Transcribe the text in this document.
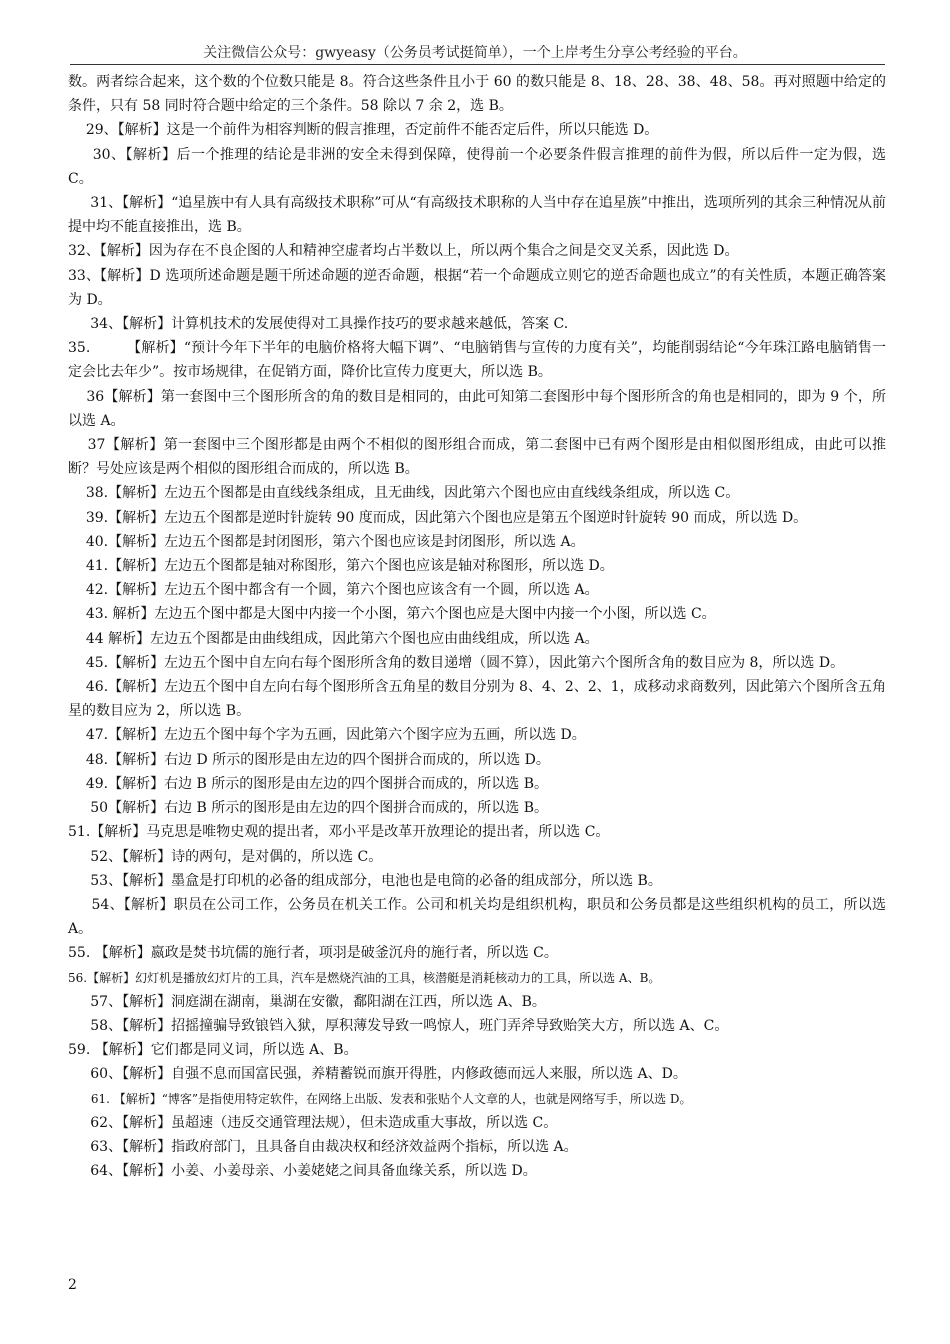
关注微信公众号：gwyeasy（公务员考试挺简单），一个上岸考生分享公考经验的平台。

数。两者综合起来，这个数的个位数只能是 8。符合这些条件且小于 60 的数只能是 8、18、28、38、48、58。再对照题中给定的条件，只有 58 同时符合题中给定的三个条件。58 除以 7 余 2，选 B。

29、【解析】这是一个前件为相容判断的假言推理，否定前件不能否定后件，所以只能选 D。

30、【解析】后一个推理的结论是非洲的安全未得到保障，使得前一个必要条件假言推理的前件为假，所以后件一定为假，选 C。

31、【解析】“追星族中有人具有高级技术职称”可从“有高级技术职称的人当中存在追星族”中推出，选项所列的其余三种情况从前提中均不能直接推出，选 B。

32、【解析】因为存在不良企图的人和精神空虚者均占半数以上，所以两个集合之间是交叉关系，因此选 D。

33、【解析】D 选项所述命题是题干所述命题的逆否命题，根据“若一个命题成立则它的逆否命题也成立”的有关性质，本题正确答案为 D。

34、【解析】计算机技术的发展使得对工具操作技巧的要求越来越低，答案 C.

35.        【解析】“预计今年下半年的电脑价格将大幅下调”、“电脑销售与宣传的力度有关”，均能削弱结论“今年珠江路电脑销售一定会比去年少”。按市场规律，在促销方面，降价比宣传力度更大，所以选 B。

36【解析】第一套图中三个图形所含的角的数目是相同的，由此可知第二套图形中每个图形所含的角也是相同的，即为 9 个，所以选 A。

37【解析】第一套图中三个图形都是由两个不相似的图形组合而成，第二套图中已有两个图形是由相似图形组成，由此可以推断？号处应该是两个相似的图形组合而成的，所以选 B。

38.【解析】左边五个图都是由直线线条组成，且无曲线，因此第六个图也应由直线线条组成，所以选 C。

39.【解析】左边五个图都是逆时针旋转 90 度而成，因此第六个图也应是第五个图逆时针旋转 90 而成，所以选 D。

40.【解析】左边五个图都是封闭图形，第六个图也应该是封闭图形，所以选 A。

41.【解析】左边五个图都是轴对称图形，第六个图也应该是轴对称图形，所以选 D。

42.【解析】左边五个图中都含有一个圆，第六个图也应该含有一个圆，所以选 A。

43. 解析】左边五个图中都是大图中内接一个小图，第六个图也应是大图中内接一个小图，所以选 C。

44 解析】左边五个图都是由曲线组成，因此第六个图也应由曲线组成，所以选 A。

45.【解析】左边五个图中自左向右每个图形所含角的数目递增（圆不算），因此第六个图所含角的数目应为 8，所以选 D。

46.【解析】左边五个图中自左向右每个图形所含五角星的数目分别为 8、4、2、2、1，成移动求商数列，因此第六个图所含五角星的数目应为 2，所以选 B。

47.【解析】左边五个图中每个字为五画，因此第六个图字应为五画，所以选 D。

48.【解析】右边 D 所示的图形是由左边的四个图拼合而成的，所以选 D。

49.【解析】右边 B 所示的图形是由左边的四个图拼合而成的，所以选 B。

50【解析】右边 B 所示的图形是由左边的四个图拼合而成的，所以选 B。

51.【解析】马克思是唯物史观的提出者，邓小平是改革开放理论的提出者，所以选 C。

52、【解析】诗的两句，是对偶的，所以选 C。

53、【解析】墨盒是打印机的必备的组成部分，电池也是电筒的必备的组成部分，所以选 B。

54、【解析】职员在公司工作，公务员在机关工作。公司和机关均是组织机构，职员和公务员都是这些组织机构的员工，所以选 A。

55. 【解析】嬴政是焚书坑儒的施行者，项羽是破釜沉舟的施行者，所以选 C。

56.【解析】幻灯机是播放幻灯片的工具，汽车是燃烧汽油的工具，核潜艇是消耗核动力的工具，所以选 A、B。

57、【解析】洞庭湖在湖南，巢湖在安徽，鄱阳湖在江西，所以选 A、B。

58、【解析】招摇撞骗导致锒铛入狱，厚积薄发导致一鸣惊人，班门弄斧导致贻笑大方，所以选 A、C。

59. 【解析】它们都是同义词，所以选 A、B。

60、【解析】自强不息而国富民强，养精蓄锐而旗开得胜，内修政德而远人来服，所以选 A、D。

61. 【解析】“博客”是指使用特定软件，在网络上出版、发表和张贴个人文章的人，也就是网络写手，所以选 D。

62、【解析】虽超速（违反交通管理法规），但未造成重大事故，所以选 C。

63、【解析】指政府部门，且具备自由裁决权和经济效益两个指标，所以选 A。

64、【解析】小姜、小姜母亲、小姜姥姥之间具备血缘关系，所以选 D。

2
